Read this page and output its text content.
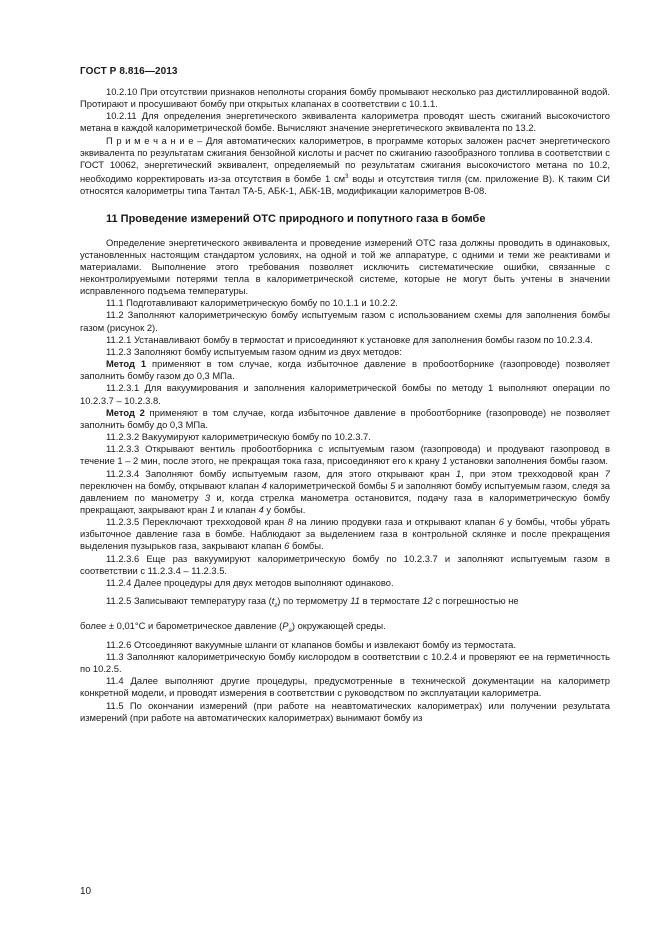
ГОСТ Р 8.816—2013

10.2.10 При отсутствии признаков неполноты сгорания бомбу промывают несколько раз дистиллированной водой. Протирают и просушивают бомбу при открытых клапанах в соответствии с 10.1.1.

10.2.11 Для определения энергетического эквивалента калориметра проводят шесть сжиганий высокочистого метана в каждой калориметрической бомбе. Вычисляют значение энергетического эквивалента по 13.2.

П р и м е ч а н и е – Для автоматических калориметров, в программе которых заложен расчет энергетического эквивалента по результатам сжигания бензойной кислоты и расчет по сжиганию газообразного топлива в соответствии с ГОСТ 10062, энергетический эквивалент, определяемый по результатам сжигания высокочистого метана по 10.2, необходимо корректировать из-за отсутствия в бомбе 1 $см^3$ воды и отсутствия тигля (см. приложение В). К таким СИ относятся калориметры типа Тантал ТА-5, АБК-1, АБК-1В, модификации калориметров В-08.

11 Проведение измерений ОТС природного и попутного газа в бомбе

Определение энергетического эквивалента и проведение измерений ОТС газа должны проводить в одинаковых, установленных настоящим стандартом условиях, на одной и той же аппаратуре, с одними и теми же реактивами и материалами. Выполнение этого требования позволяет исключить систематические ошибки, связанные с неконтролируемыми потерями тепла в калориметрической системе, которые не могут быть учтены в значении исправленного подъема температуры.

11.1 Подготавливают калориметрическую бомбу по 10.1.1 и 10.2.2.

11.2 Заполняют калориметрическую бомбу испытуемым газом с использованием схемы для заполнения бомбы газом (рисунок 2).

11.2.1 Устанавливают бомбу в термостат и присоединяют к установке для заполнения бомбы газом по 10.2.3.4.

11.2.3 Заполняют бомбу испытуемым газом одним из двух методов:

Метод 1 применяют в том случае, когда избыточное давление в пробоотборнике (газопроводе) позволяет заполнить бомбу газом до 0,3 МПа.

11.2.3.1 Для вакуумирования и заполнения калориметрической бомбы по методу 1 выполняют операции по 10.2.3.7 – 10.2.3.8.

Метод 2 применяют в том случае, когда избыточное давление в пробоотборнике (газопроводе) не позволяет заполнить бомбу до 0,3 МПа.

11.2.3.2 Вакуумируют калориметрическую бомбу по 10.2.3.7.

11.2.3.3 Открывают вентиль пробоотборника с испытуемым газом (газопровода) и продувают газопровод в течение 1 – 2 мин, после этого, не прекращая тока газа, присоединяют его к крану 1 установки заполнения бомбы газом.

11.2.3.4 Заполняют бомбу испытуемым газом, для этого открывают кран 1, при этом трехходовой кран 7 переключен на бомбу, открывают клапан 4 калориметрической бомбы 5 и заполняют бомбу испытуемым газом, следя за давлением по манометру 3 и, когда стрелка манометра остановится, подачу газа в калориметрическую бомбу прекращают, закрывают кран 1 и клапан 4 у бомбы.

11.2.3.5 Переключают трехходовой кран 8 на линию продувки газа и открывают клапан 6 у бомбы, чтобы убрать избыточное давление газа в бомбе. Наблюдают за выделением газа в контрольной склянке и после прекращения выделения пузырьков газа, закрывают клапан 6 бомбы.

11.2.3.6 Еще раз вакуумируют калориметрическую бомбу по 10.2.3.7 и заполняют испытуемым газом в соответствии с 11.2.3.4 – 11.2.3.5.

11.2.4 Далее процедуры для двух методов выполняют одинаково.

11.2.5 Записывают температуру газа $(t_г)$ по термометру 11 в термостате 12 с погрешностью не

более ± 0,01°С и барометрическое давление $(P_а)$ окружающей среды.

11.2.6 Отсоединяют вакуумные шланги от клапанов бомбы и извлекают бомбу из термостата.

11.3 Заполняют калориметрическую бомбу кислородом в соответствии с 10.2.4 и проверяют ее на герметичность по 10.2.5.

11.4 Далее выполняют другие процедуры, предусмотренные в технической документации на калориметр конкретной модели, и проводят измерения в соответствии с руководством по эксплуатации калориметра.

11.5 По окончании измерений (при работе на неавтоматических калориметрах) или получении результата измерений (при работе на автоматических калориметрах) вынимают бомбу из

10
